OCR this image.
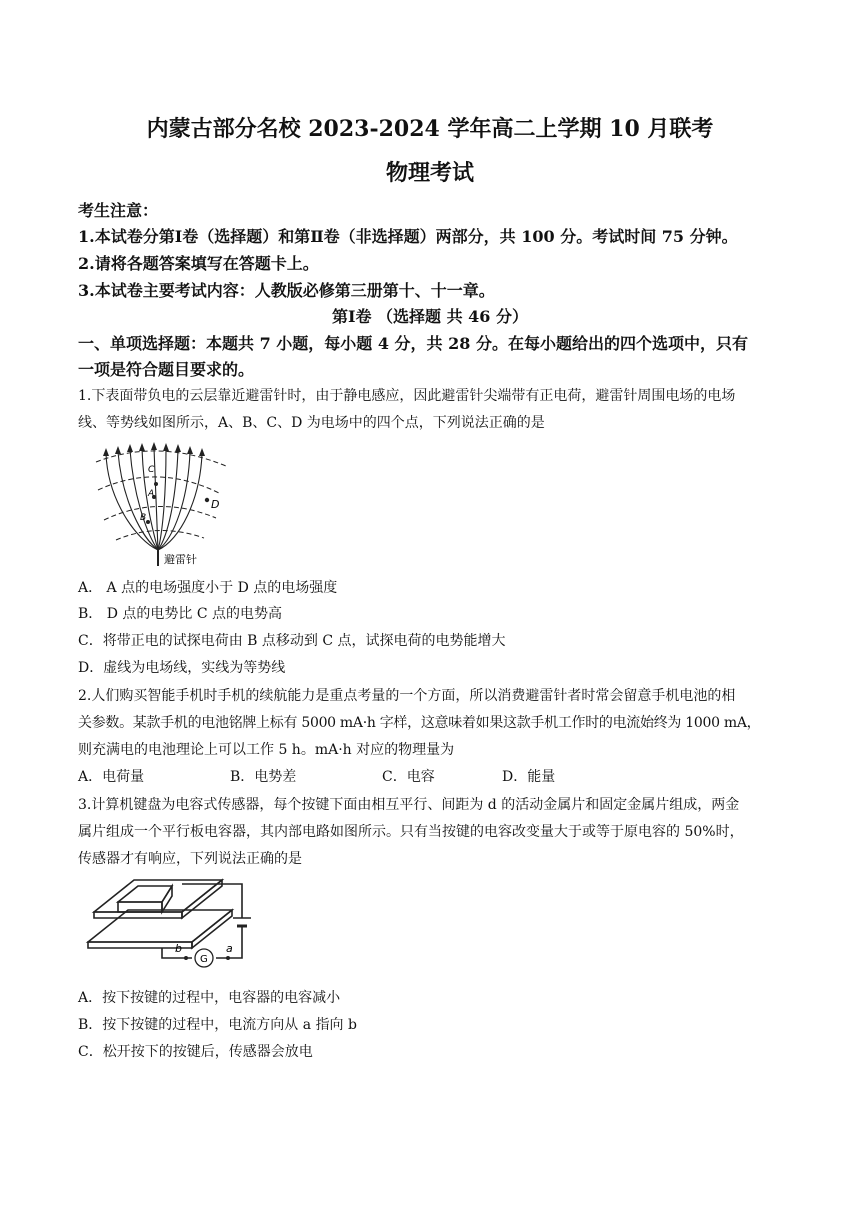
内蒙古部分名校 2023-2024 学年高二上学期 10 月联考
物理考试
考生注意：
1.本试卷分第Ⅰ卷（选择题）和第Ⅱ卷（非选择题）两部分，共 100 分。考试时间 75 分钟。
2.请将各题答案填写在答题卡上。
3.本试卷主要考试内容：人教版必修第三册第十、十一章。
第Ⅰ卷 （选择题 共 46 分）
一、单项选择题：本题共 7 小题，每小题 4 分，共 28 分。在每小题给出的四个选项中，只有
一项是符合题目要求的。
1.下表面带负电的云层靠近避雷针时，由于静电感应，因此避雷针尖端带有正电荷，避雷针周围电场的电场
线、等势线如图所示，A、B、C、D 为电场中的四个点，下列说法正确的是
C
A
B
D
避雷针
A． A 点的电场强度小于 D 点的电场强度
B． D 点的电势比 C 点的电势高
C．将带正电的试探电荷由 B 点移动到 C 点，试探电荷的电势能增大
D．虚线为电场线，实线为等势线
2.人们购买智能手机时手机的续航能力是重点考量的一个方面，所以消费避雷针者时常会留意手机电池的相
关参数。某款手机的电池铭牌上标有 5000 mA·h 字样，这意味着如果这款手机工作时的电流始终为 1000 mA，
则充满电的电池理论上可以工作 5 h。mA·h 对应的物理量为
A．电荷量	B．电势差	C．电容	D．能量
3.计算机键盘为电容式传感器，每个按键下面由相互平行、间距为 d 的活动金属片和固定金属片组成，两金
属片组成一个平行板电容器，其内部电路如图所示。只有当按键的电容改变量大于或等于原电容的 50%时，
传感器才有响应，下列说法正确的是
b
G
a
A．按下按键的过程中，电容器的电容减小
B．按下按键的过程中，电流方向从 a 指向 b
C．松开按下的按键后，传感器会放电
